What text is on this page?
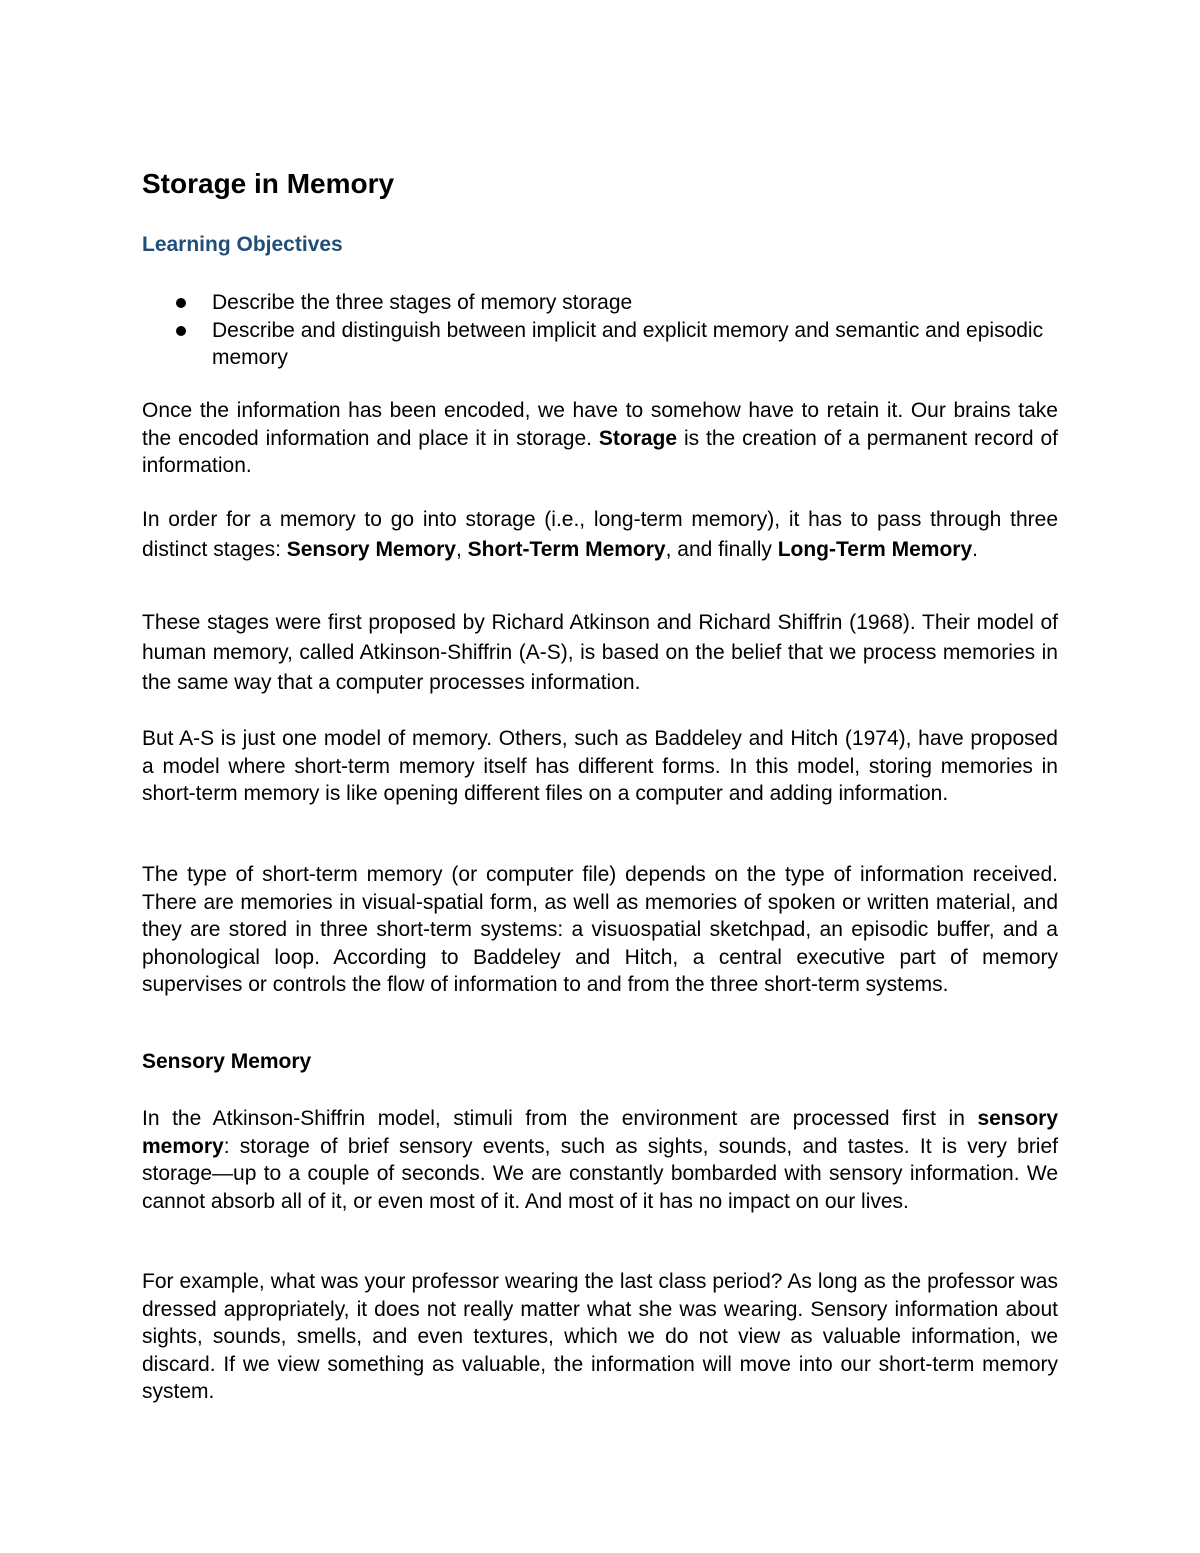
Storage in Memory
Learning Objectives
Describe the three stages of memory storage
Describe and distinguish between implicit and explicit memory and semantic and episodic memory

Once the information has been encoded, we have to somehow have to retain it. Our brains take the encoded information and place it in storage. Storage is the creation of a permanent record of information.

In order for a memory to go into storage (i.e., long-term memory), it has to pass through three distinct stages: Sensory Memory, Short-Term Memory, and finally Long-Term Memory.

These stages were first proposed by Richard Atkinson and Richard Shiffrin (1968). Their model of human memory, called Atkinson-Shiffrin (A-S), is based on the belief that we process memories in the same way that a computer processes information.

But A-S is just one model of memory. Others, such as Baddeley and Hitch (1974), have proposed a model where short-term memory itself has different forms. In this model, storing memories in short-term memory is like opening different files on a computer and adding information.

The type of short-term memory (or computer file) depends on the type of information received. There are memories in visual-spatial form, as well as memories of spoken or written material, and they are stored in three short-term systems: a visuospatial sketchpad, an episodic buffer, and a phonological loop. According to Baddeley and Hitch, a central executive part of memory supervises or controls the flow of information to and from the three short-term systems.

Sensory Memory

In the Atkinson-Shiffrin model, stimuli from the environment are processed first in sensory memory: storage of brief sensory events, such as sights, sounds, and tastes. It is very brief storage—up to a couple of seconds. We are constantly bombarded with sensory information. We cannot absorb all of it, or even most of it. And most of it has no impact on our lives.

For example, what was your professor wearing the last class period? As long as the professor was dressed appropriately, it does not really matter what she was wearing. Sensory information about sights, sounds, smells, and even textures, which we do not view as valuable information, we discard. If we view something as valuable, the information will move into our short-term memory system.
